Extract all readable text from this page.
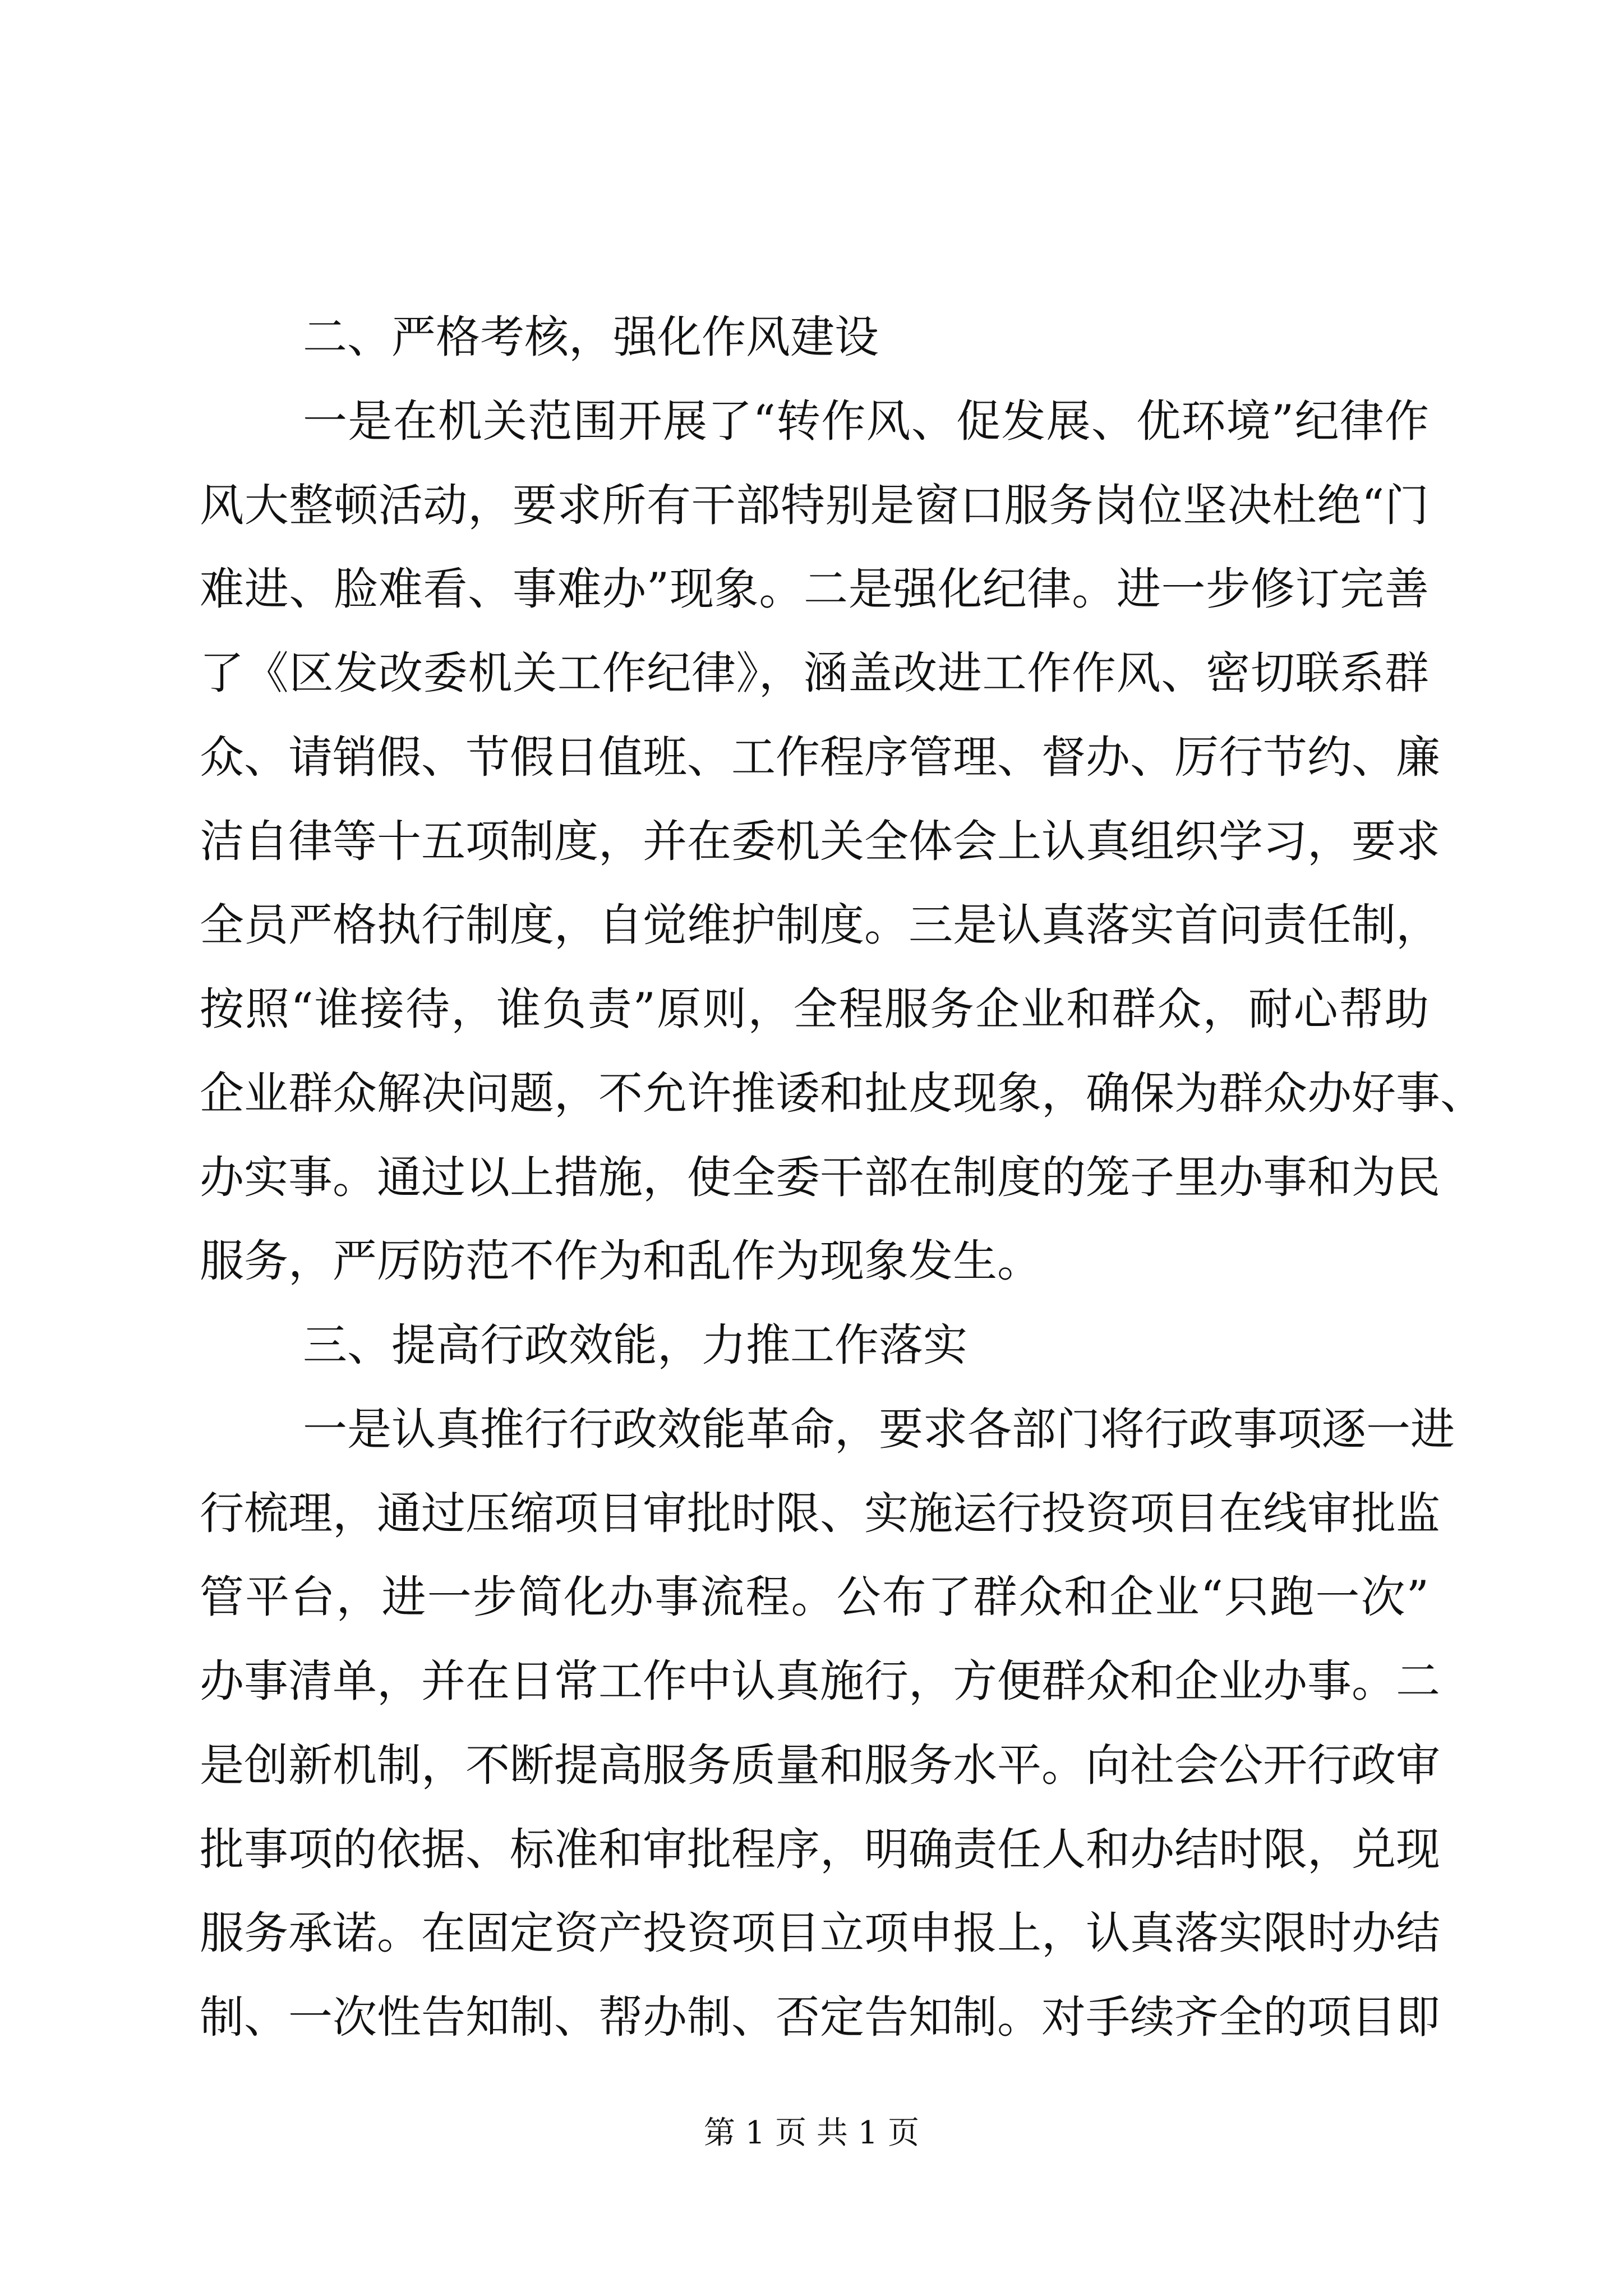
二、严格考核，强化作风建设
一是在机关范围开展了“转作风、促发展、优环境”纪律作
风大整顿活动，要求所有干部特别是窗口服务岗位坚决杜绝“门
难进、脸难看、事难办”现象。二是强化纪律。进一步修订完善
了《区发改委机关工作纪律》，涵盖改进工作作风、密切联系群
众、请销假、节假日值班、工作程序管理、督办、厉行节约、廉
洁自律等十五项制度，并在委机关全体会上认真组织学习，要求
全员严格执行制度，自觉维护制度。三是认真落实首问责任制，
按照“谁接待，谁负责”原则，全程服务企业和群众，耐心帮助
企业群众解决问题，不允许推诿和扯皮现象，确保为群众办好事、
办实事。通过以上措施，使全委干部在制度的笼子里办事和为民
服务，严厉防范不作为和乱作为现象发生。
三、提高行政效能，力推工作落实
一是认真推行行政效能革命，要求各部门将行政事项逐一进
行梳理，通过压缩项目审批时限、实施运行投资项目在线审批监
管平台，进一步简化办事流程。公布了群众和企业“只跑一次”
办事清单，并在日常工作中认真施行，方便群众和企业办事。二
是创新机制，不断提高服务质量和服务水平。向社会公开行政审
批事项的依据、标准和审批程序，明确责任人和办结时限，兑现
服务承诺。在固定资产投资项目立项申报上，认真落实限时办结
制、一次性告知制、帮办制、否定告知制。对手续齐全的项目即
第 1 页 共 1 页
